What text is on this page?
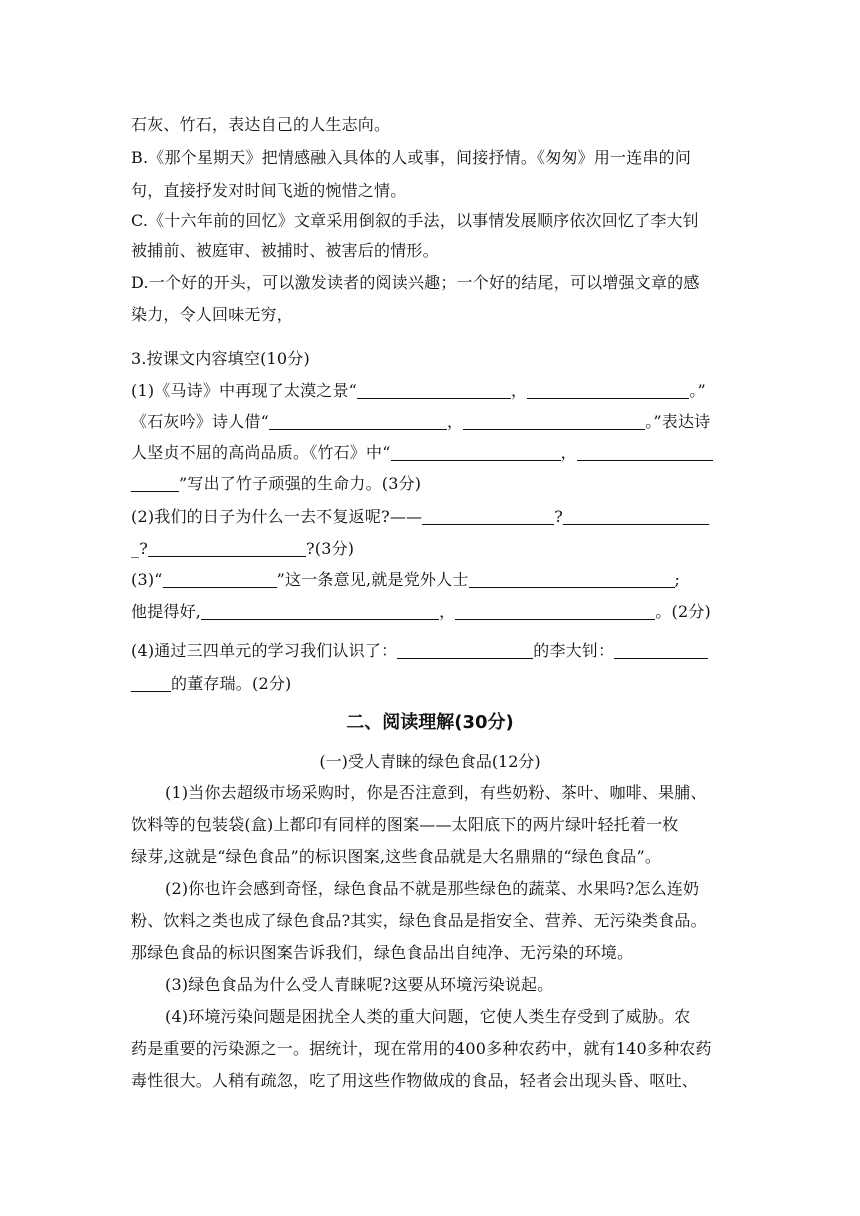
石灰、竹石，表达自己的人生志向。
B.《那个星期天》把情感融入具体的人或事，间接抒情。《匆匆》用一连串的问
句，直接抒发对时间飞逝的惋惜之情。
C.《十六年前的回忆》文章采用倒叙的手法，以事情发展顺序依次回忆了李大钊
被捕前、被庭审、被捕时、被害后的情形。
D.一个好的开头，可以激发读者的阅读兴趣；一个好的结尾，可以增强文章的感
染力，令人回味无穷，
3.按课文内容填空(10分)
(1)《马诗》中再现了太漠之景“	，	。”
《石灰吟》诗人借“	，	。”表达诗
人坚贞不屈的高尚品质。《竹石》中“	，
”写出了竹子顽强的生命力。(3分)
(2)我们的日子为什么一去不复返呢?——	?
_?	?(3分)
(3)“	”这一条意见,就是党外人士	;
他提得好,	，	。(2分)
(4)通过三四单元的学习我们认识了：	的李大钊：
的董存瑞。(2分)
二、阅读理解(30分)
(一)受人青睐的绿色食品(12分)
(1)当你去超级市场采购时，你是否注意到，有些奶粉、茶叶、咖啡、果脯、
饮料等的包装袋(盒)上都印有同样的图案——太阳底下的两片绿叶轻托着一枚
绿芽,这就是“绿色食品”的标识图案,这些食品就是大名鼎鼎的“绿色食品”。
(2)你也许会感到奇怪，绿色食品不就是那些绿色的蔬菜、水果吗?怎么连奶
粉、饮料之类也成了绿色食品?其实，绿色食品是指安全、营养、无污染类食品。
那绿色食品的标识图案告诉我们，绿色食品出自纯净、无污染的环境。
(3)绿色食品为什么受人青睐呢?这要从环境污染说起。
(4)环境污染问题是困扰全人类的重大问题，它使人类生存受到了威胁。农
药是重要的污染源之一。据统计，现在常用的400多种农药中，就有140多种农药
毒性很大。人稍有疏忽，吃了用这些作物做成的食品，轻者会出现头昏、呕吐、
